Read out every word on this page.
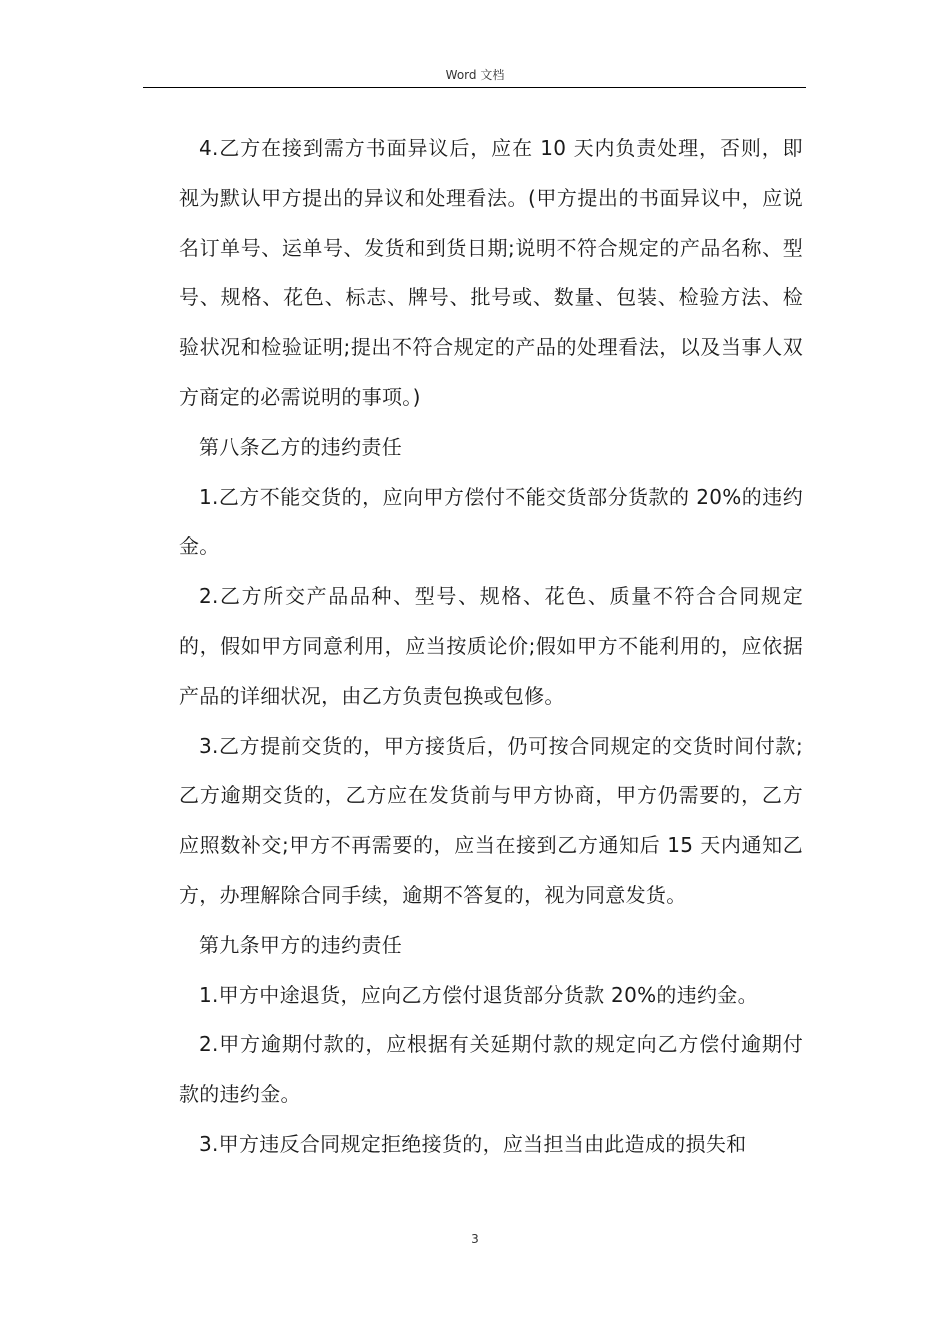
Word 文档

4.乙方在接到需方书面异议后，应在 10 天内负责处理，否则，即视为默认甲方提出的异议和处理看法。(甲方提出的书面异议中，应说名订单号、运单号、发货和到货日期;说明不符合规定的产品名称、型号、规格、花色、标志、牌号、批号或、数量、包装、检验方法、检验状况和检验证明;提出不符合规定的产品的处理看法，以及当事人双方商定的必需说明的事项。)

第八条乙方的违约责任

1.乙方不能交货的，应向甲方偿付不能交货部分货款的 20%的违约金。

2.乙方所交产品品种、型号、规格、花色、质量不符合合同规定的，假如甲方同意利用，应当按质论价;假如甲方不能利用的，应依据产品的详细状况，由乙方负责包换或包修。

3.乙方提前交货的，甲方接货后，仍可按合同规定的交货时间付款;乙方逾期交货的，乙方应在发货前与甲方协商，甲方仍需要的，乙方应照数补交;甲方不再需要的，应当在接到乙方通知后 15 天内通知乙方，办理解除合同手续，逾期不答复的，视为同意发货。

第九条甲方的违约责任

1.甲方中途退货，应向乙方偿付退货部分货款 20%的违约金。

2.甲方逾期付款的，应根据有关延期付款的规定向乙方偿付逾期付款的违约金。

3.甲方违反合同规定拒绝接货的，应当担当由此造成的损失和

3
